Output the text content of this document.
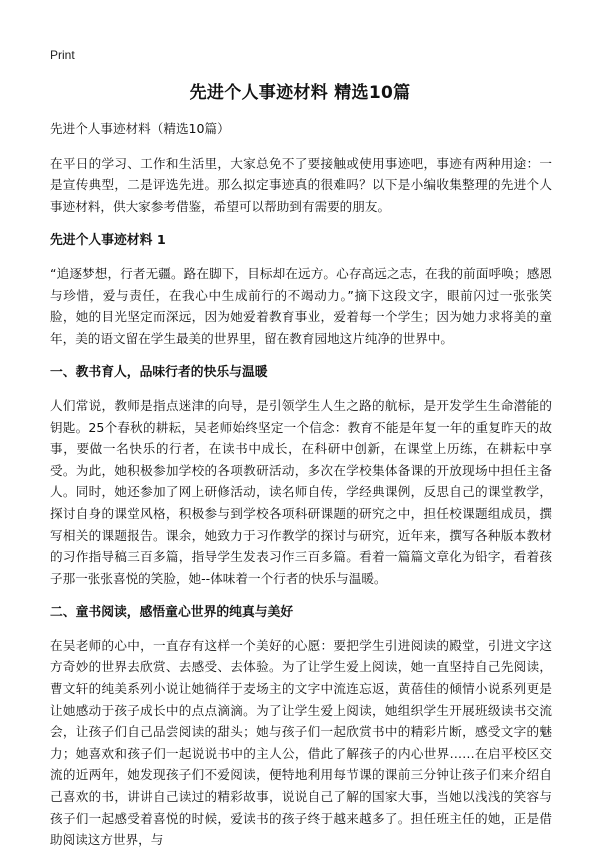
Print
先进个人事迹材料 精选10篇

先进个人事迹材料（精选10篇）

在平日的学习、工作和生活里，大家总免不了要接触或使用事迹吧，事迹有两种用途：一是宣传典型，二是评选先进。那么拟定事迹真的很难吗？以下是小编收集整理的先进个人事迹材料，供大家参考借鉴，希望可以帮助到有需要的朋友。

先进个人事迹材料 1

“追逐梦想，行者无疆。路在脚下，目标却在远方。心存高远之志，在我的前面呼唤；感恩与珍惜，爱与责任，在我心中生成前行的不竭动力。”摘下这段文字，眼前闪过一张张笑脸，她的目光坚定而深远，因为她爱着教育事业，爱着每一个学生；因为她力求将美的童年，美的语文留在学生最美的世界里，留在教育园地这片纯净的世界中。

一、教书育人，品味行者的快乐与温暖

人们常说，教师是指点迷津的向导，是引领学生人生之路的航标，是开发学生生命潜能的钥匙。25个春秋的耕耘，吴老师始终坚定一个信念：教育不能是年复一年的重复昨天的故事，要做一名快乐的行者，在读书中成长，在科研中创新，在课堂上历练，在耕耘中享受。为此，她积极参加学校的各项教研活动，多次在学校集体备课的开放现场中担任主备人。同时，她还参加了网上研修活动，读名师自传，学经典课例，反思自己的课堂教学，探讨自身的课堂风格，积极参与到学校各项科研课题的研究之中，担任校课题组成员，撰写相关的课题报告。课余，她致力于习作教学的探讨与研究，近年来，撰写各种版本教材的习作指导稿三百多篇，指导学生发表习作三百多篇。看着一篇篇文章化为铅字，看着孩子那一张张喜悦的笑脸，她--体味着一个行者的快乐与温暖。

二、童书阅读，感悟童心世界的纯真与美好

在吴老师的心中，一直存有这样一个美好的心愿：要把学生引进阅读的殿堂，引进文字这方奇妙的世界去欣赏、去感受、去体验。为了让学生爱上阅读，她一直坚持自己先阅读，曹文轩的纯美系列小说让她徜徉于麦场主的文字中流连忘返，黄蓓佳的倾情小说系列更是让她感动于孩子成长中的点点滴滴。为了让学生爱上阅读，她组织学生开展班级读书交流会，让孩子们自己品尝阅读的甜头；她与孩子们一起欣赏书中的精彩片断，感受文字的魅力；她喜欢和孩子们一起说说书中的主人公，借此了解孩子的内心世界……在启平校区交流的近两年，她发现孩子们不爱阅读，便特地利用每节课的课前三分钟让孩子们来介绍自己喜欢的书，讲讲自己读过的精彩故事，说说自己了解的国家大事，当她以浅浅的笑容与孩子们一起感受着喜悦的时候，爱读书的孩子终于越来越多了。担任班主任的她，正是借助阅读这方世界，与
